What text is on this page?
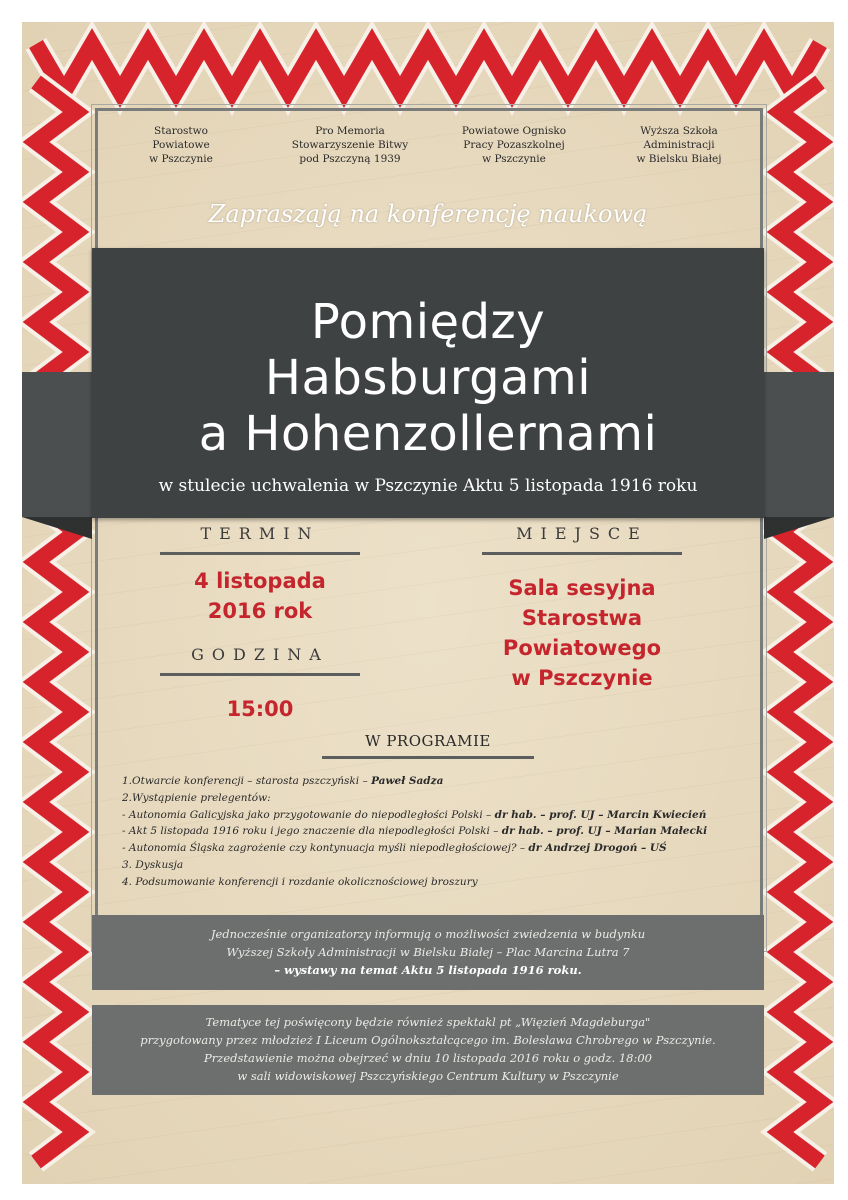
Starostwo
Powiatowe
w Pszczynie
Pro Memoria
Stowarzyszenie Bitwy
pod Pszczyną 1939
Powiatowe Ognisko
Pracy Pozaszkolnej
w Pszczynie
Wyższa Szkoła
Administracji
w Bielsku Białej
Zapraszają na konferencję naukową
Pomiędzy
Habsburgami
a Hohenzollernami
w stulecie uchwalenia w Pszczynie Aktu 5 listopada 1916 roku
TERMIN
4 listopada
2016 rok
GODZINA
15:00
MIEJSCE
Sala sesyjna
Starostwa
Powiatowego
w Pszczynie
W PROGRAMIE
1.Otwarcie konferencji – starosta pszczyński – Paweł Sadza
2.Wystąpienie prelegentów:
- Autonomia Galicyjska jako przygotowanie do niepodległości Polski – dr hab. – prof. UJ – Marcin Kwiecień
- Akt 5 listopada 1916 roku i jego znaczenie dla niepodległości Polski – dr hab. – prof. UJ – Marian Małecki
- Autonomia Śląska zagrożenie czy kontynuacja myśli niepodległościowej? – dr Andrzej Drogoń – UŚ
3. Dyskusja
4. Podsumowanie konferencji i rozdanie okolicznościowej broszury
Jednocześnie organizatorzy informują o możliwości zwiedzenia w budynku
Wyższej Szkoły Administracji w Bielsku Białej – Plac Marcina Lutra 7
– wystawy na temat Aktu 5 listopada 1916 roku.
Tematyce tej poświęcony będzie również spektakl pt „Więzień Magdeburga"
przygotowany przez młodzież I Liceum Ogólnokształcącego im. Bolesława Chrobrego w Pszczynie.
Przedstawienie można obejrzeć w dniu 10 listopada 2016 roku o godz. 18:00
w sali widowiskowej Pszczyńskiego Centrum Kultury w Pszczynie
